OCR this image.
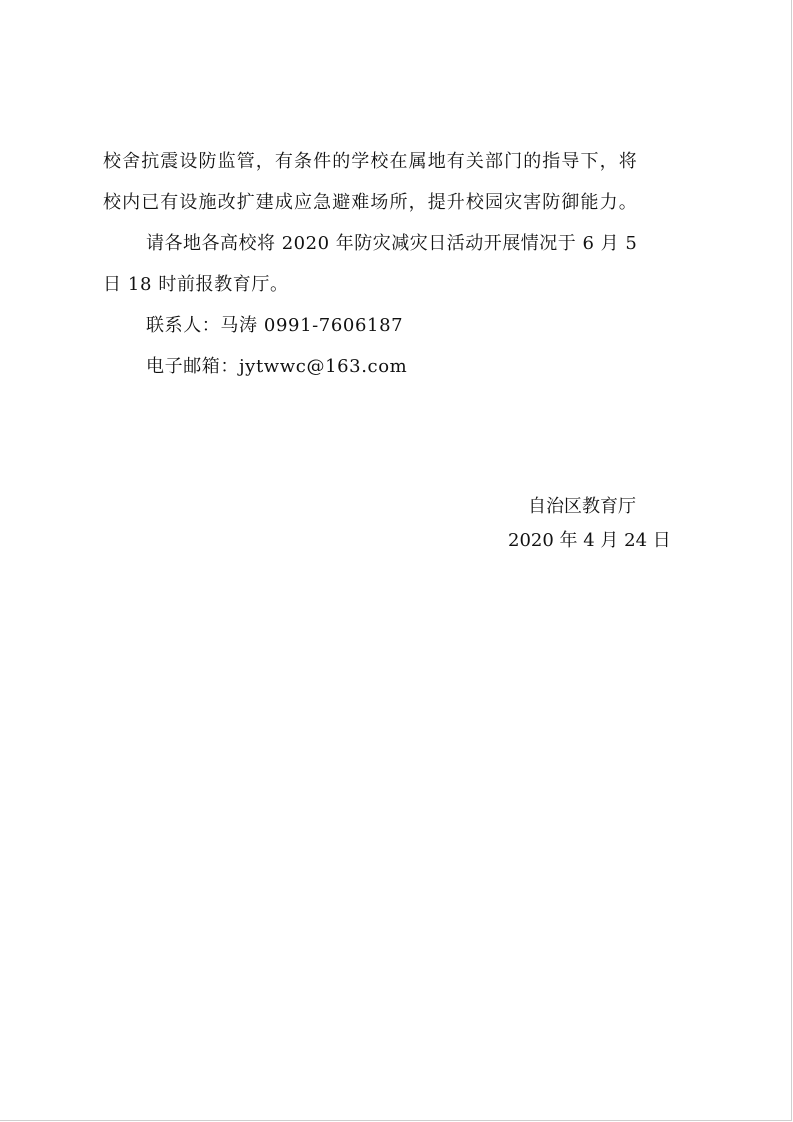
校舍抗震设防监管，有条件的学校在属地有关部门的指导下，将
校内已有设施改扩建成应急避难场所，提升校园灾害防御能力。
请各地各高校将 2020 年防灾减灾日活动开展情况于 6 月 5
日 18 时前报教育厅。
联系人：马涛 0991-7606187
电子邮箱：jytwwc@163.com
自治区教育厅
2020 年 4 月 24 日
